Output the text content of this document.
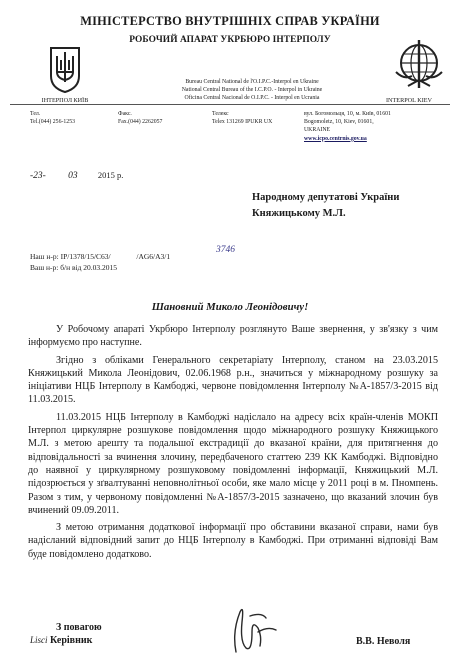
МІНІСТЕРСТВО ВНУТРІШНІХ СПРАВ УКРАЇНИ
РОБОЧИЙ АПАРАТ УКРБЮРО ІНТЕРПОЛУ
ІНТЕРПОЛ КИЇВ	INTERPOL KIEV
Bureau Central National de l'O.I.P.C.-Interpol en Ukraine
National Central Bureau of the I.C.P.O. - Interpol in Ukraine
Oficina Central Nacional de O.I.P.C. - Interpol en Ucrania
Тел.
Tel.(044) 256-1253
Факс.
Fax.(044) 2262057
Телекс
Telex 131269 IPUKR UX
вул. Богомольця, 10, м. Київ, 01601
Bogomoletz, 10, Kiev, 01601,
UKRAINE
www.icpo.centrnis.gov.ua
-23- 03 2015 р.
Народному депутатові України
Княжицькому М.Л.
3746
Наш н-р: ІР/1378/15/С63/	/AG6/A3/1
Ваш н-р: б/н від 20.03.2015
Шановний Миколо Леонідовичу!

У Робочому апараті Укрбюро Інтерполу розглянуто Ваше звернення, у зв'язку з чим інформуємо про наступне.

Згідно з обліками Генерального секретаріату Інтерполу, станом на 23.03.2015 Княжицький Микола Леонідович, 02.06.1968 р.н., значиться у міжнародному розшуку за ініціативи НЦБ Інтерполу в Камбоджі, червоне повідомлення Інтерполу №А-1857/3-2015 від 11.03.2015.

11.03.2015 НЦБ Інтерполу в Камбоджі надіслало на адресу всіх країн-членів МОКП Інтерпол циркулярне розшукове повідомлення щодо міжнародного розшуку Княжицького М.Л. з метою арешту та подальшої екстрадиції до вказаної країни, для притягнення до відповідальності за вчинення злочину, передбаченого статтею 239 КК Камбоджі. Відповідно до наявної у циркулярному розшуковому повідомленні інформації, Княжицький М.Л. підозрюється у зґвалтуванні неповнолітньої особи, яке мало місце у 2011 році в м. Пномпень. Разом з тим, у червоному повідомленні №А-1857/3-2015 зазначено, що вказаний злочин був вчинений 09.09.2011.

З метою отримання додаткової інформації про обставини вказаної справи, нами був надісланий відповідний запит до НЦБ Інтерполу в Камбоджі. При отриманні відповіді Вам буде повідомлено додатково.

З повагою
Lisci Керівник	В.В. Неволя
